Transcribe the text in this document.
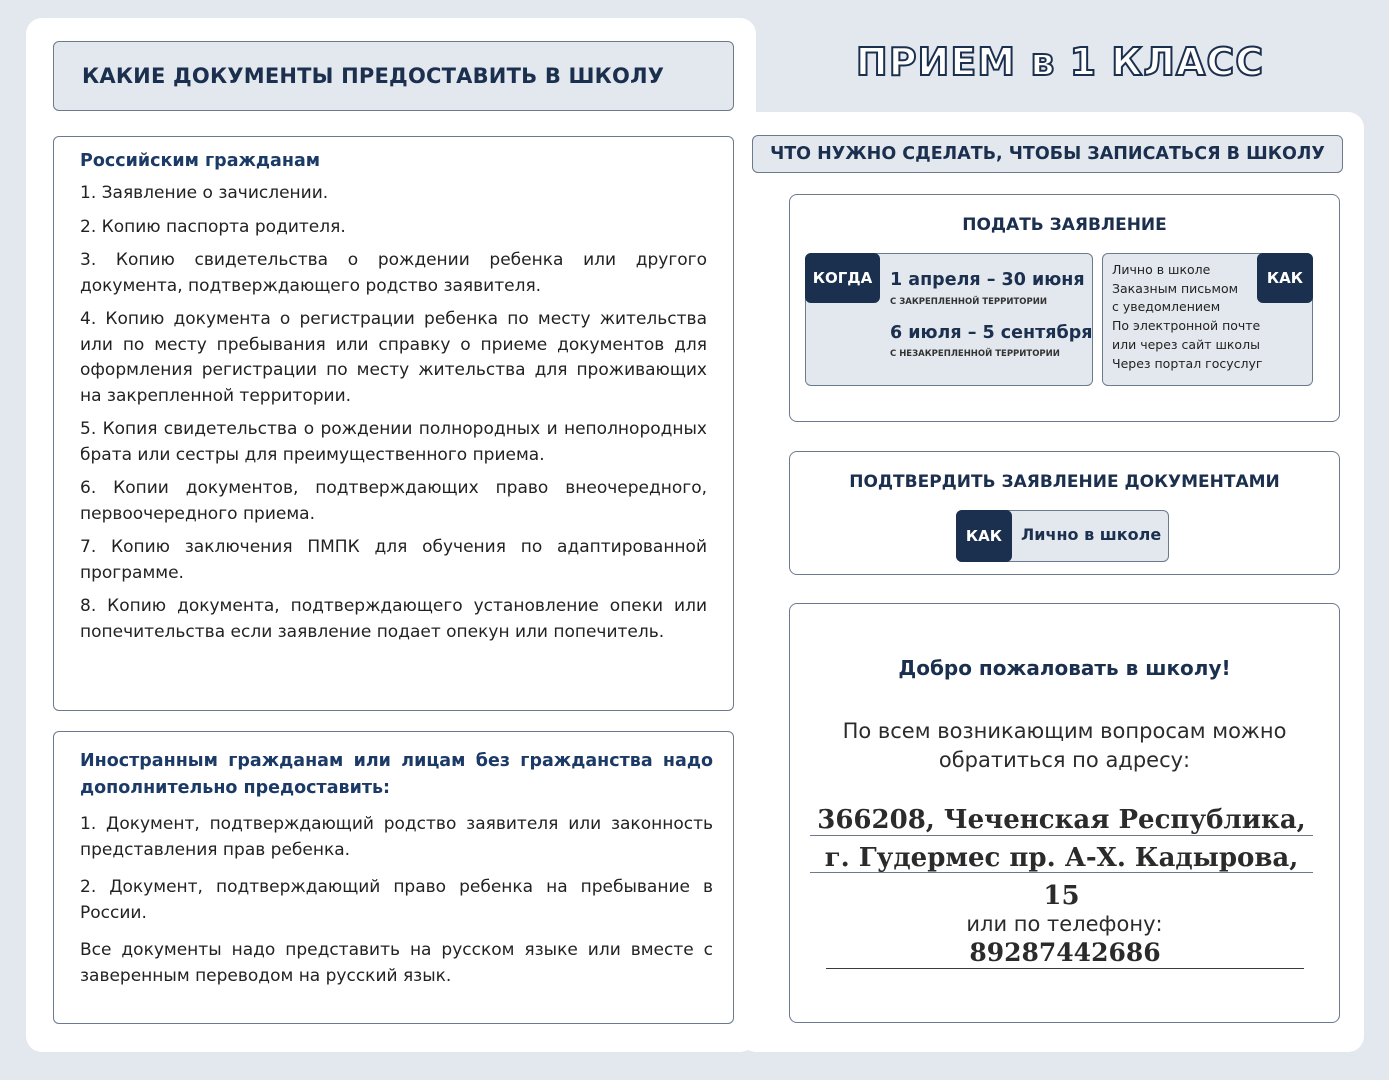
КАКИЕ ДОКУМЕНТЫ ПРЕДОСТАВИТЬ В ШКОЛУ	ПРИЕМ в 1 КЛАСС
Российским гражданам
1. Заявление о зачислении.
2. Копию паспорта родителя.
3. Копию свидетельства о рождении ребенка или другого документа, подтверждающего родство заявителя.
4. Копию документа о регистрации ребенка по месту жительства или по месту пребывания или справку о приеме документов для оформления регистрации по месту жительства для проживающих на закрепленной территории.
5. Копия свидетельства о рождении полнородных и неполнородных брата или сестры для преимущественного приема.
6. Копии документов, подтверждающих право внеочередного, первоочередного приема.
7. Копию заключения ПМПК для обучения по адаптированной программе.
8. Копию документа, подтверждающего установление опеки или попечительства если заявление подает опекун или попечитель.
Иностранным гражданам или лицам без гражданства надо дополнительно предоставить:
1. Документ, подтверждающий родство заявителя или законность представления прав ребенка.
2. Документ, подтверждающий право ребенка на пребывание в России.

Все документы надо представить на русском языке или вместе с заверенным переводом на русский язык.

ЧТО НУЖНО СДЕЛАТЬ, ЧТОБЫ ЗАПИСАТЬСЯ В ШКОЛУ
ПОДАТЬ ЗАЯВЛЕНИЕ
КОГДА	1 апреля – 30 июня
С ЗАКРЕПЛЕННОЙ ТЕРРИТОРИИ
6 июля – 5 сентября
С НЕЗАКРЕПЛЕННОЙ ТЕРРИТОРИИ
Лично в школе
Заказным письмом
с уведомлением
По электронной почте
или через сайт школы
Через портал госуслуг
КАК
ПОДТВЕРДИТЬ ЗАЯВЛЕНИЕ ДОКУМЕНТАМИ
КАК	Лично в школе
Добро пожаловать в школу!
По всем возникающим вопросам можно обратиться по адресу:
366208, Чеченская Республика, г. Гудермес пр. А-Х. Кадырова, 15
или по телефону:
89287442686
